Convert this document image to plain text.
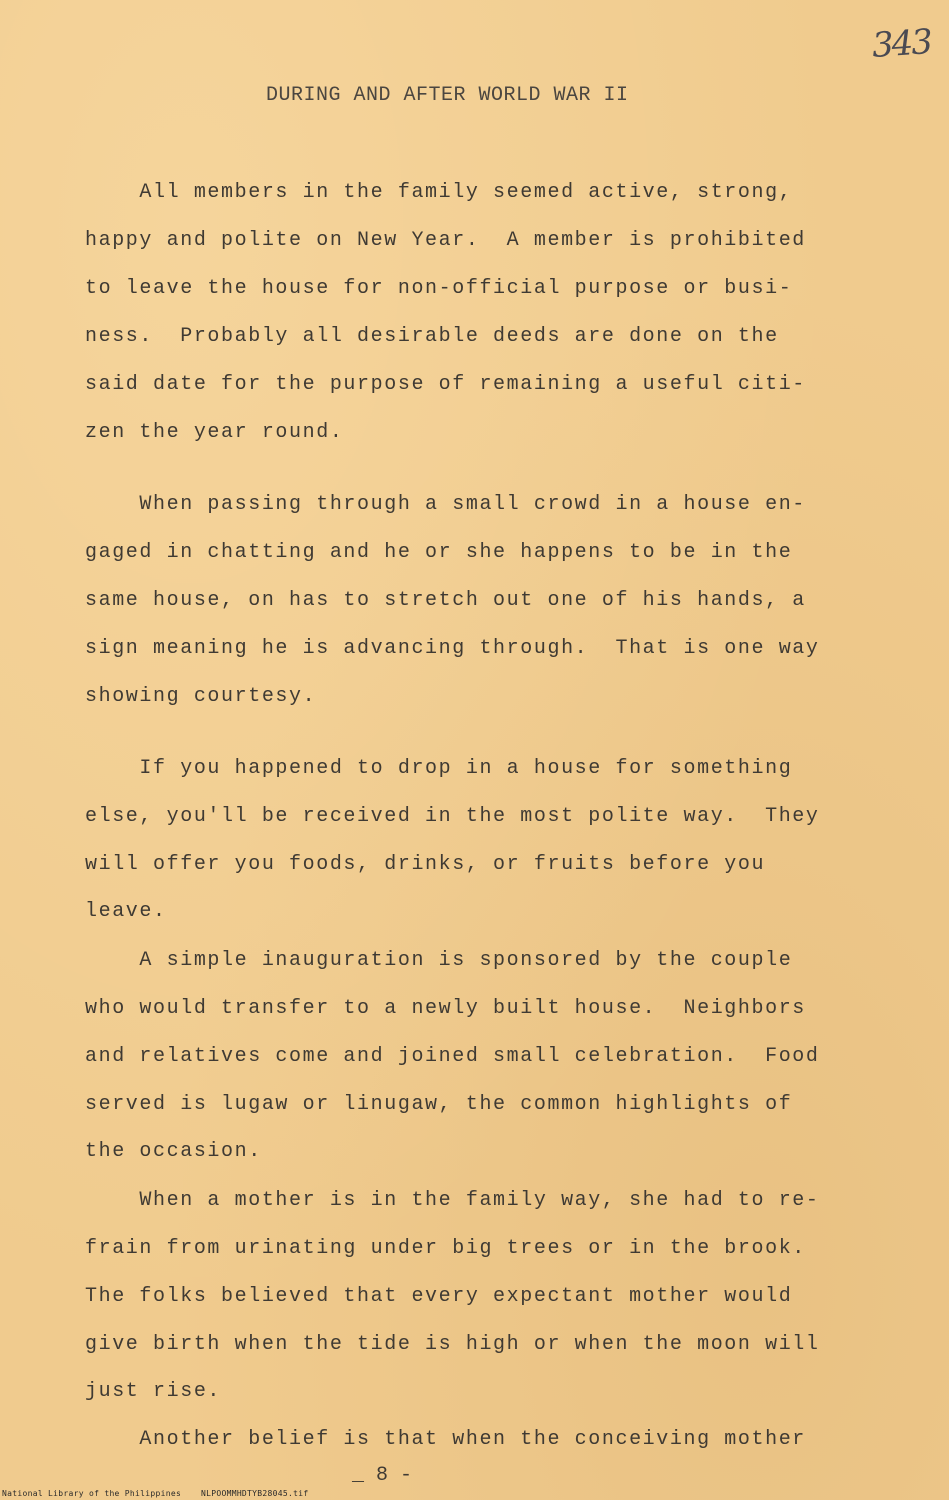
343
DURING AND AFTER WORLD WAR II
All members in the family seemed active, strong,
happy and polite on New Year.  A member is prohibited
to leave the house for non-official purpose or busi-
ness.  Probably all desirable deeds are done on the
said date for the purpose of remaining a useful citi-
zen the year round.
When passing through a small crowd in a house en-
gaged in chatting and he or she happens to be in the
same house, on has to stretch out one of his hands, a
sign meaning he is advancing through.  That is one way
showing courtesy.
If you happened to drop in a house for something
else, you'll be received in the most polite way.  They
will offer you foods, drinks, or fruits before you
leave.
A simple inauguration is sponsored by the couple
who would transfer to a newly built house.  Neighbors
and relatives come and joined small celebration.  Food
served is lugaw or linugaw, the common highlights of
the occasion.
When a mother is in the family way, she had to re-
frain from urinating under big trees or in the brook.
The folks believed that every expectant mother would
give birth when the tide is high or when the moon will
just rise.
Another belief is that when the conceiving mother
_ 8 -
National Library of the Philippines NLPOOMMHDTYB28045.tif
